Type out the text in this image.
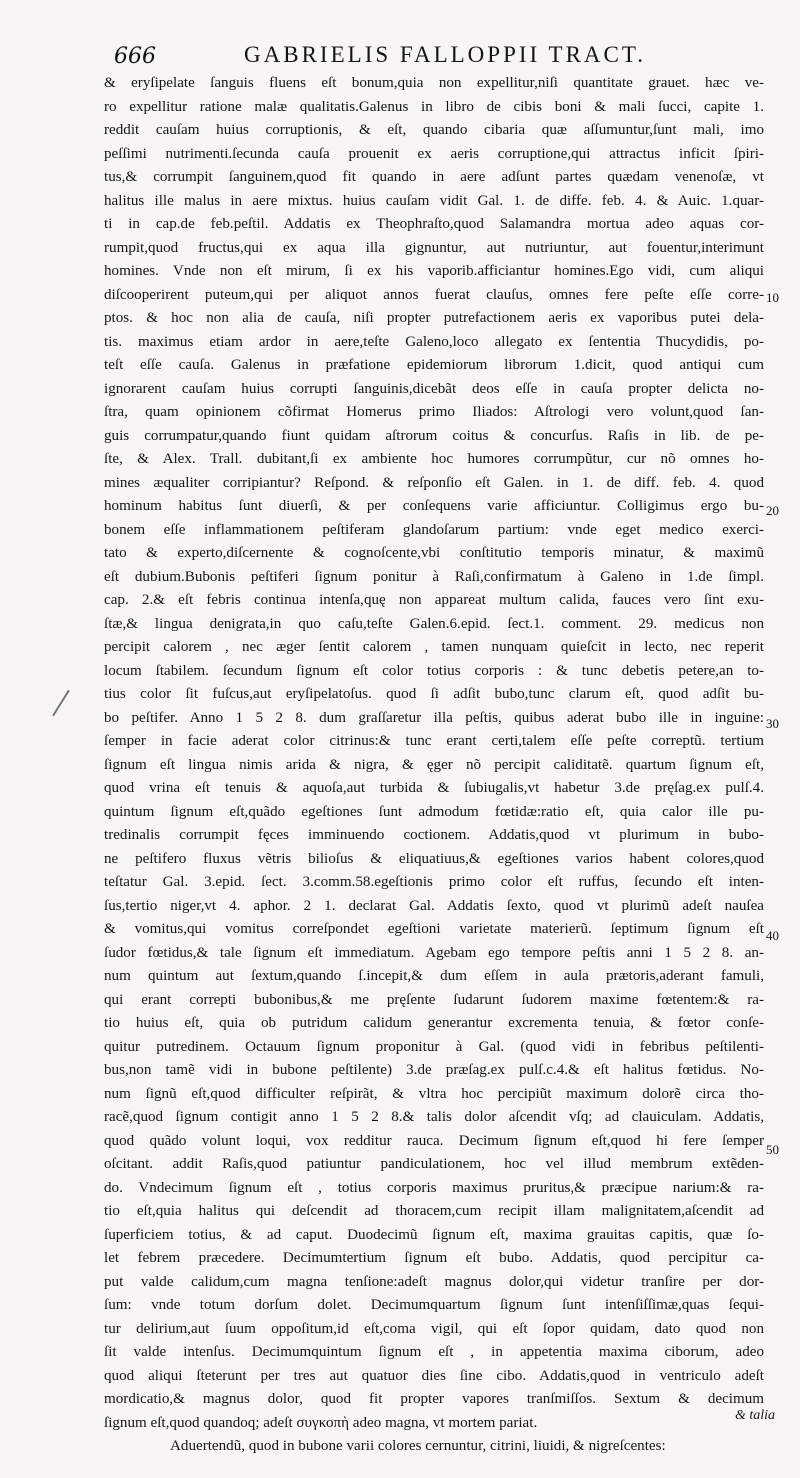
666	GABRIELIS FALLOPPII TRACT.
& eryſipelate ſanguis fluens eſt bonum,quia non expellitur,niſi quantitate grauet. hæc ve-
ro expellitur ratione malæ qualitatis.Galenus in libro de cibis boni & mali ſucci, capite 1.
reddit cauſam huius corruptionis, & eſt, quando cibaria quæ aſſumuntur,ſunt mali, imo
peſſimi nutrimenti.ſecunda cauſa prouenit ex aeris corruptione,qui attractus inficit ſpiri-
tus,& corrumpit ſanguinem,quod fit quando in aere adſunt partes quædam venenoſæ, vt
halitus ille malus in aere mixtus. huius cauſam vidit Gal. 1. de diffe. feb. 4. & Auic. 1.quar-
ti in cap.de feb.peſtil. Addatis ex Theophraſto,quod Salamandra mortua adeo aquas cor-
rumpit,quod fructus,qui ex aqua illa gignuntur, aut nutriuntur, aut fouentur,interimunt
homines. Vnde non eſt mirum, ſi ex his vaporib.afficiantur homines.Ego vidi, cum aliqui
diſcooperirent puteum,qui per aliquot annos fuerat clauſus, omnes fere peſte eſſe corre-
ptos. & hoc non alia de cauſa, niſi propter putrefactionem aeris ex vaporibus putei dela-
tis. maximus etiam ardor in aere,teſte Galeno,loco allegato ex ſententia Thucydidis, po-
teſt eſſe cauſa. Galenus in præfatione epidemiorum librorum 1.dicit, quod antiqui cum
ignorarent cauſam huius corrupti ſanguinis,dicebãt deos eſſe in cauſa propter delicta no-
ſtra, quam opinionem cõfirmat Homerus primo Iliados: Aſtrologi vero volunt,quod ſan-
guis corrumpatur,quando fiunt quidam aſtrorum coitus & concurſus. Raſis in lib. de pe-
ſte, & Alex. Trall. dubitant,ſi ex ambiente hoc humores corrumpũtur, cur nõ omnes ho-
mines æqualiter corripiantur? Reſpond. & reſponſio eſt Galen. in 1. de diff. feb. 4. quod
hominum habitus ſunt diuerſi, & per conſequens varie afficiuntur. Colligimus ergo bu-
bonem eſſe inflammationem peſtiferam glandoſarum partium: vnde eget medico exerci-
tato & experto,diſcernente & cognoſcente,vbi conſtitutio temporis minatur, & maximũ
eſt dubium.Bubonis peſtiferi ſignum ponitur à Raſi,confirmatum à Galeno in 1.de ſimpl.
cap. 2.& eſt febris continua intenſa,quę non appareat multum calida, fauces vero ſint exu-
ſtæ,& lingua denigrata,in quo caſu,teſte Galen.6.epid. ſect.1. comment. 29. medicus non
percipit calorem , nec æger ſentit calorem , tamen nunquam quieſcit in lecto, nec reperit
locum ſtabilem. ſecundum ſignum eſt color totius corporis : & tunc debetis petere,an to-
tius color ſit fuſcus,aut eryſipelatoſus. quod ſi adſit bubo,tunc clarum eſt, quod adſit bu-
bo peſtifer. Anno 1 5 2 8. dum graſſaretur illa peſtis, quibus aderat bubo ille in inguine:
ſemper in facie aderat color citrinus:& tunc erant certi,talem eſſe peſte correptũ. tertium
ſignum eſt lingua nimis arida & nigra, & ęger nõ percipit caliditatẽ. quartum ſignum eſt,
quod vrina eſt tenuis & aquoſa,aut turbida & ſubiugalis,vt habetur 3.de pręſag.ex pulſ.4.
quintum ſignum eſt,quãdo egeſtiones ſunt admodum fœtidæ:ratio eſt, quia calor ille pu-
tredinalis corrumpit fęces imminuendo coctionem. Addatis,quod vt plurimum in bubo-
ne peſtifero fluxus vẽtris bilioſus & eliquatiuus,& egeſtiones varios habent colores,quod
teſtatur Gal. 3.epid. ſect. 3.comm.58.egeſtionis primo color eſt ruffus, ſecundo eſt inten-
ſus,tertio niger,vt 4. aphor. 2 1. declarat Gal. Addatis ſexto, quod vt plurimũ adeſt nauſea
& vomitus,qui vomitus correſpondet egeſtioni varietate materierũ. ſeptimum ſignum eſt
ſudor fœtidus,& tale ſignum eſt immediatum. Agebam ego tempore peſtis anni 1 5 2 8. an-
num quintum aut ſextum,quando ſ.incepit,& dum eſſem in aula prætoris,aderant famuli,
qui erant correpti bubonibus,& me pręſente ſudarunt ſudorem maxime fœtentem:& ra-
tio huius eſt, quia ob putridum calidum generantur excrementa tenuia, & fœtor conſe-
quitur putredinem. Octauum ſignum proponitur à Gal. (quod vidi in febribus peſtilenti-
bus,non tamẽ vidi in bubone peſtilente) 3.de præſag.ex pulſ.c.4.& eſt halitus fœtidus. No-
num ſignũ eſt,quod difficulter reſpirãt, & vltra hoc percipiũt maximum dolorẽ circa tho-
racẽ,quod ſignum contigit anno 1 5 2 8.& talis dolor aſcendit vſq; ad clauiculam. Addatis,
quod quãdo volunt loqui, vox redditur rauca. Decimum ſignum eſt,quod hi fere ſemper
oſcitant. addit Raſis,quod patiuntur pandiculationem, hoc vel illud membrum extẽden-
do. Vndecimum ſignum eſt , totius corporis maximus pruritus,& præcipue narium:& ra-
tio eſt,quia halitus qui deſcendit ad thoracem,cum recipit illam malignitatem,aſcendit ad
ſuperficiem totius, & ad caput. Duodecimũ ſignum eſt, maxima grauitas capitis, quæ ſo-
let febrem præcedere. Decimumtertium ſignum eſt bubo. Addatis, quod percipitur ca-
put valde calidum,cum magna tenſione:adeſt magnus dolor,qui videtur tranſire per dor-
ſum: vnde totum dorſum dolet. Decimumquartum ſignum ſunt intenſiſſimæ,quas ſequi-
tur delirium,aut ſuum oppoſitum,id eſt,coma vigil, qui eſt ſopor quidam, dato quod non
ſit valde intenſus. Decimumquintum ſignum eſt , in appetentia maxima ciborum, adeo
quod aliqui ſteterunt per tres aut quatuor dies ſine cibo. Addatis,quod in ventriculo adeſt
mordicatio,& magnus dolor, quod fit propter vapores tranſmiſſos. Sextum & decimum
ſignum eſt,quod quandoq; adeſt συγκοπὴ adeo magna, vt mortem pariat.
Aduertendũ, quod in bubone varii colores cernuntur, citrini, liuidi, & nigreſcentes:
10
20
30
40
50
& talia
